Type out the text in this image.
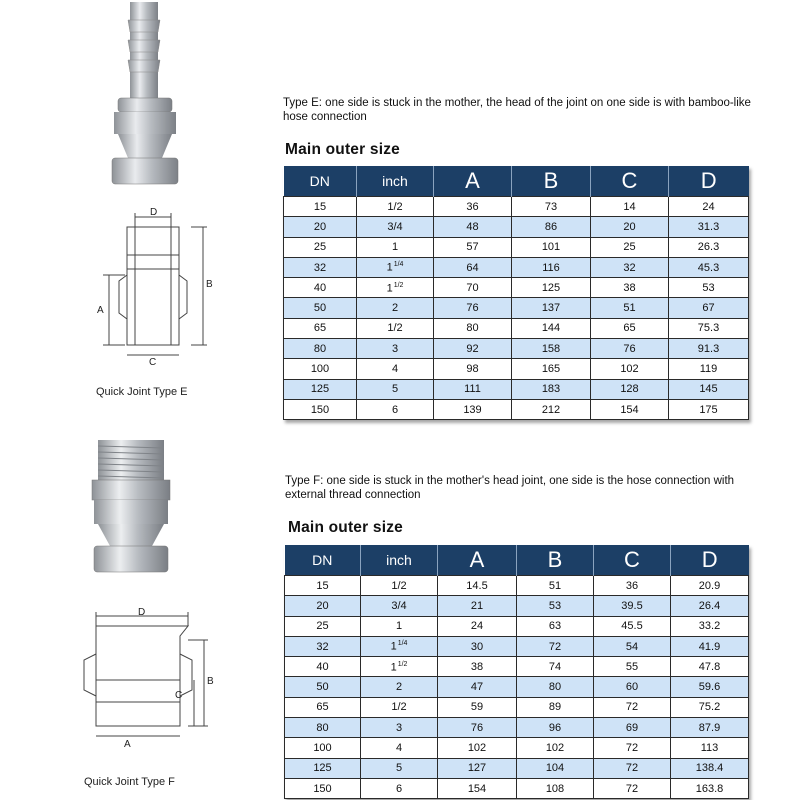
D
B
A
C
Quick Joint Type E
Type E: one side is stuck in the mother, the head of the joint on one side is with bamboo-like hose connection
Main outer size
DN	inch	A	B	C	D
15	1/2	36	73	14	24
20	3/4	48	86	20	31.3
25	1	57	101	25	26.3
32	$1^{1/4}$	64	116	32	45.3
40	$1^{1/2}$	70	125	38	53
50	2	76	137	51	67
65	1/2	80	144	65	75.3
80	3	92	158	76	91.3
100	4	98	165	102	119
125	5	111	183	128	145
150	6	139	212	154	175
D
B
C
A
Quick Joint Type F
Type F: one side is stuck in the mother's head joint, one side is the hose connection with external thread connection
Main outer size
DN	inch	A	B	C	D
15	1/2	14.5	51	36	20.9
20	3/4	21	53	39.5	26.4
25	1	24	63	45.5	33.2
32	$1^{1/4}$	30	72	54	41.9
40	$1^{1/2}$	38	74	55	47.8
50	2	47	80	60	59.6
65	1/2	59	89	72	75.2
80	3	76	96	69	87.9
100	4	102	102	72	113
125	5	127	104	72	138.4
150	6	154	108	72	163.8
